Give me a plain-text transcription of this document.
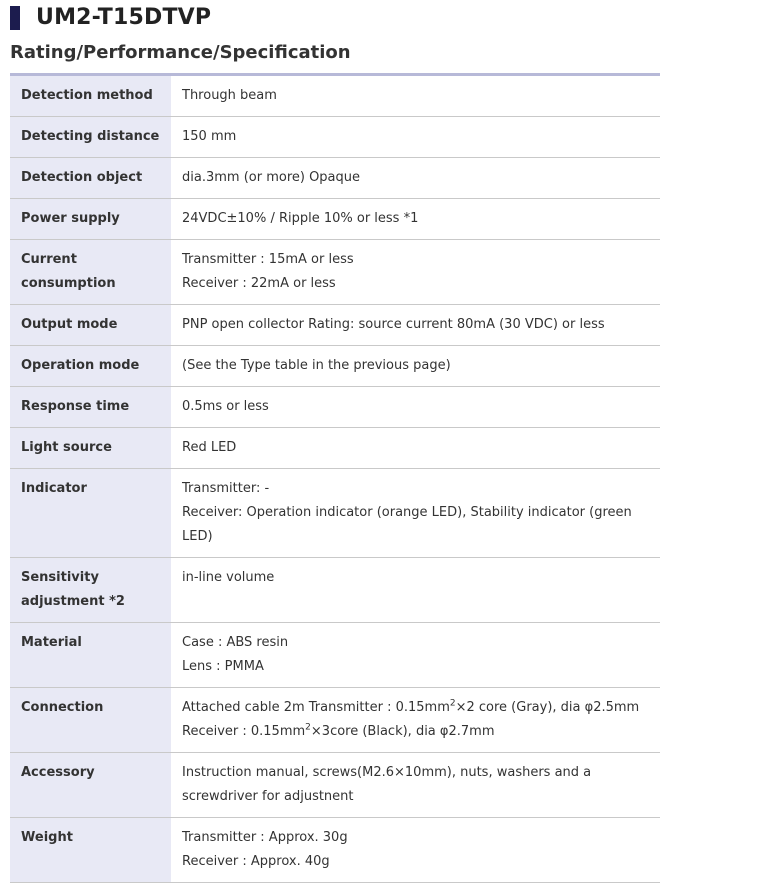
UM2-T15DTVP
Rating/Performance/Specification
Detection method	Through beam

Detecting distance	150 mm

Detection object	dia.3mm (or more) Opaque

Power supply	24VDC±10% / Ripple 10% or less *1

Current consumption	Transmitter : 15mA or less
Receiver : 22mA or less

Output mode	PNP open collector Rating: source current 80mA (30 VDC) or less

Operation mode	(See the Type table in the previous page)

Response time	0.5ms or less

Light source	Red LED

Indicator	Transmitter: -
Receiver: Operation indicator (orange LED), Stability indicator (green LED)

Sensitivity adjustment *2	in-line volume

Material	Case : ABS resin
Lens : PMMA

Connection	Attached cable 2m Transmitter : $0.15mm^2\times 2$ core (Gray), dia φ2.5mm
Receiver : $0.15mm^2\times 3core$ (Black), dia φ2.7mm

Accessory	Instruction manual, screws(M2.6×10mm), nuts, washers and a screwdriver for adjustnent

Weight	Transmitter : Approx. 30g
Receiver : Approx. 40g
